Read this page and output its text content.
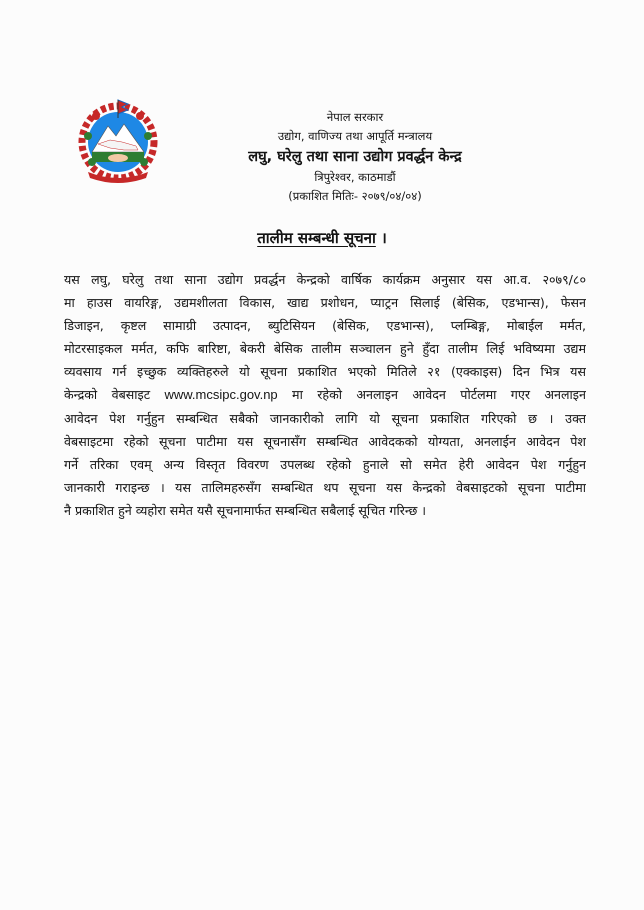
नेपाल सरकार
उद्योग, वाणिज्य तथा आपूर्ति मन्त्रालय
लघु, घरेलु तथा साना उद्योग प्रवर्द्धन केन्द्र
त्रिपुरेश्वर, काठमाडौं
(प्रकाशित मितिः- २०७९/०४/०४)
तालीम सम्बन्धी सूचना ।
यस लघु, घरेलु तथा साना उद्योग प्रवर्द्धन केन्द्रको वार्षिक कार्यक्रम अनुसार यस आ.व. २०७९/८०
मा हाउस वायरिङ्ग, उद्यमशीलता विकास, खाद्य प्रशोधन, प्याट्रन सिलाई (बेसिक, एडभान्स), फेसन
डिजाइन, कृष्टल सामाग्री उत्पादन, ब्युटिसियन (बेसिक, एडभान्स), प्लम्बिङ्ग, मोबाईल मर्मत,
मोटरसाइकल मर्मत, कफि बारिष्टा, बेकरी बेसिक तालीम सञ्चालन हुने हुँदा तालीम लिई भविष्यमा उद्यम
व्यवसाय गर्न इच्छुक व्यक्तिहरुले यो सूचना प्रकाशित भएको मितिले २१ (एक्काइस) दिन भित्र यस
केन्द्रको वेबसाइट www.mcsipc.gov.np मा रहेको अनलाइन आवेदन पोर्टलमा गएर अनलाइन
आवेदन पेश गर्नुहुन सम्बन्धित सबैको जानकारीको लागि यो सूचना प्रकाशित गरिएको छ । उक्त
वेबसाइटमा रहेको सूचना पाटीमा यस सूचनासँग सम्बन्धित आवेदकको योग्यता, अनलाईन आवेदन पेश
गर्ने तरिका एवम् अन्य विस्तृत विवरण उपलब्ध रहेको हुनाले सो समेत हेरी आवेदन पेश गर्नुहुन
जानकारी गराइन्छ । यस तालिमहरुसँग सम्बन्धित थप सूचना यस केन्द्रको वेबसाइटको सूचना पाटीमा
नै प्रकाशित हुने व्यहोरा समेत यसै सूचनामार्फत सम्बन्धित सबैलाई सूचित गरिन्छ ।
